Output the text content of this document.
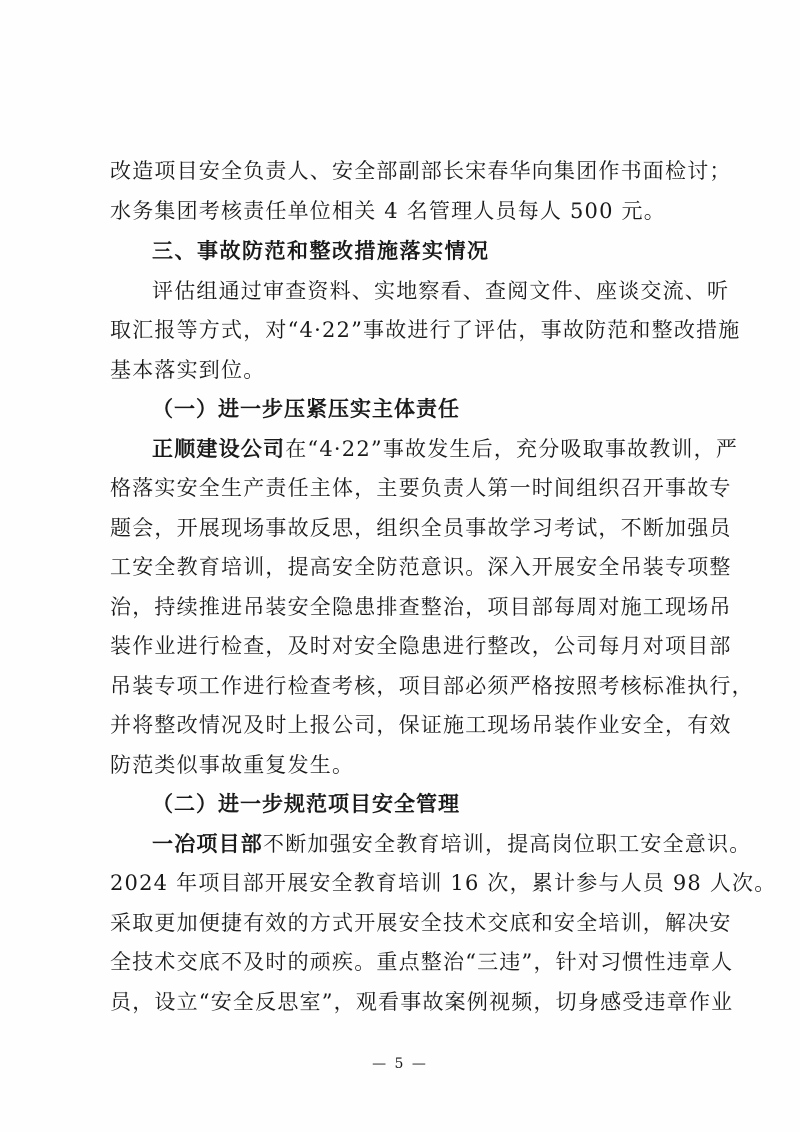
改造项目安全负责人、安全部副部长宋春华向集团作书面检讨；
水务集团考核责任单位相关 4 名管理人员每人 500 元。
三、事故防范和整改措施落实情况
评估组通过审查资料、实地察看、查阅文件、座谈交流、听
取汇报等方式，对“4·22”事故进行了评估，事故防范和整改措施
基本落实到位。
（一）进一步压紧压实主体责任
正顺建设公司在“4·22”事故发生后，充分吸取事故教训，严
格落实安全生产责任主体，主要负责人第一时间组织召开事故专
题会，开展现场事故反思，组织全员事故学习考试，不断加强员
工安全教育培训，提高安全防范意识。深入开展安全吊装专项整
治，持续推进吊装安全隐患排查整治，项目部每周对施工现场吊
装作业进行检查，及时对安全隐患进行整改，公司每月对项目部
吊装专项工作进行检查考核，项目部必须严格按照考核标准执行，
并将整改情况及时上报公司，保证施工现场吊装作业安全，有效
防范类似事故重复发生。
（二）进一步规范项目安全管理
一冶项目部不断加强安全教育培训，提高岗位职工安全意识。
2024 年项目部开展安全教育培训 16 次，累计参与人员 98 人次。
采取更加便捷有效的方式开展安全技术交底和安全培训，解决安
全技术交底不及时的顽疾。重点整治“三违”，针对习惯性违章人
员，设立“安全反思室”，观看事故案例视频，切身感受违章作业
— 5 —
